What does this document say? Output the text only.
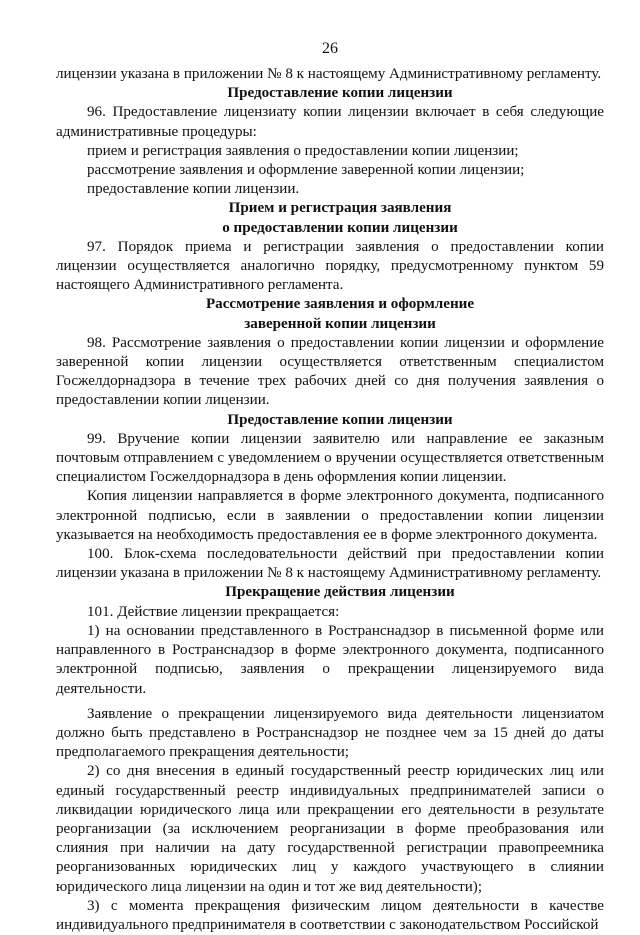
26

лицензии указана в приложении № 8 к настоящему Административному регламенту.

Предоставление копии лицензии

96. Предоставление лицензиату копии лицензии включает в себя следующие административные процедуры:

прием и регистрация заявления о предоставлении копии лицензии;

рассмотрение заявления и оформление заверенной копии лицензии;

предоставление копии лицензии.

Прием и регистрация заявления

о предоставлении копии лицензии

97. Порядок приема и регистрации заявления о предоставлении копии лицензии осуществляется аналогично порядку, предусмотренному пунктом 59 настоящего Административного регламента.

Рассмотрение заявления и оформление

заверенной копии лицензии

98. Рассмотрение заявления о предоставлении копии лицензии и оформление заверенной копии лицензии осуществляется ответственным специалистом Госжелдорнадзора в течение трех рабочих дней со дня получения заявления о предоставлении копии лицензии.

Предоставление копии лицензии

99. Вручение копии лицензии заявителю или направление ее заказным почтовым отправлением с уведомлением о вручении осуществляется ответственным специалистом Госжелдорнадзора в день оформления копии лицензии.

Копия лицензии направляется в форме электронного документа, подписанного электронной подписью, если в заявлении о предоставлении копии лицензии указывается на необходимость предоставления ее в форме электронного документа.

100. Блок-схема последовательности действий при предоставлении копии лицензии указана в приложении № 8 к настоящему Административному регламенту.

Прекращение действия лицензии

101. Действие лицензии прекращается:

1) на основании представленного в Ространснадзор в письменной форме или направленного в Ространснадзор в форме электронного документа, подписанного электронной подписью, заявления о прекращении лицензируемого вида деятельности.

Заявление о прекращении лицензируемого вида деятельности лицензиатом должно быть представлено в Ространснадзор не позднее чем за 15 дней до даты предполагаемого прекращения деятельности;

2) со дня внесения в единый государственный реестр юридических лиц или единый государственный реестр индивидуальных предпринимателей записи о ликвидации юридического лица или прекращении его деятельности в результате реорганизации (за исключением реорганизации в форме преобразования или слияния при наличии на дату государственной регистрации правопреемника реорганизованных юридических лиц у каждого участвующего в слиянии юридического лица лицензии на один и тот же вид деятельности);

3) с момента прекращения физическим лицом деятельности в качестве индивидуального предпринимателя в соответствии с законодательством Российской
